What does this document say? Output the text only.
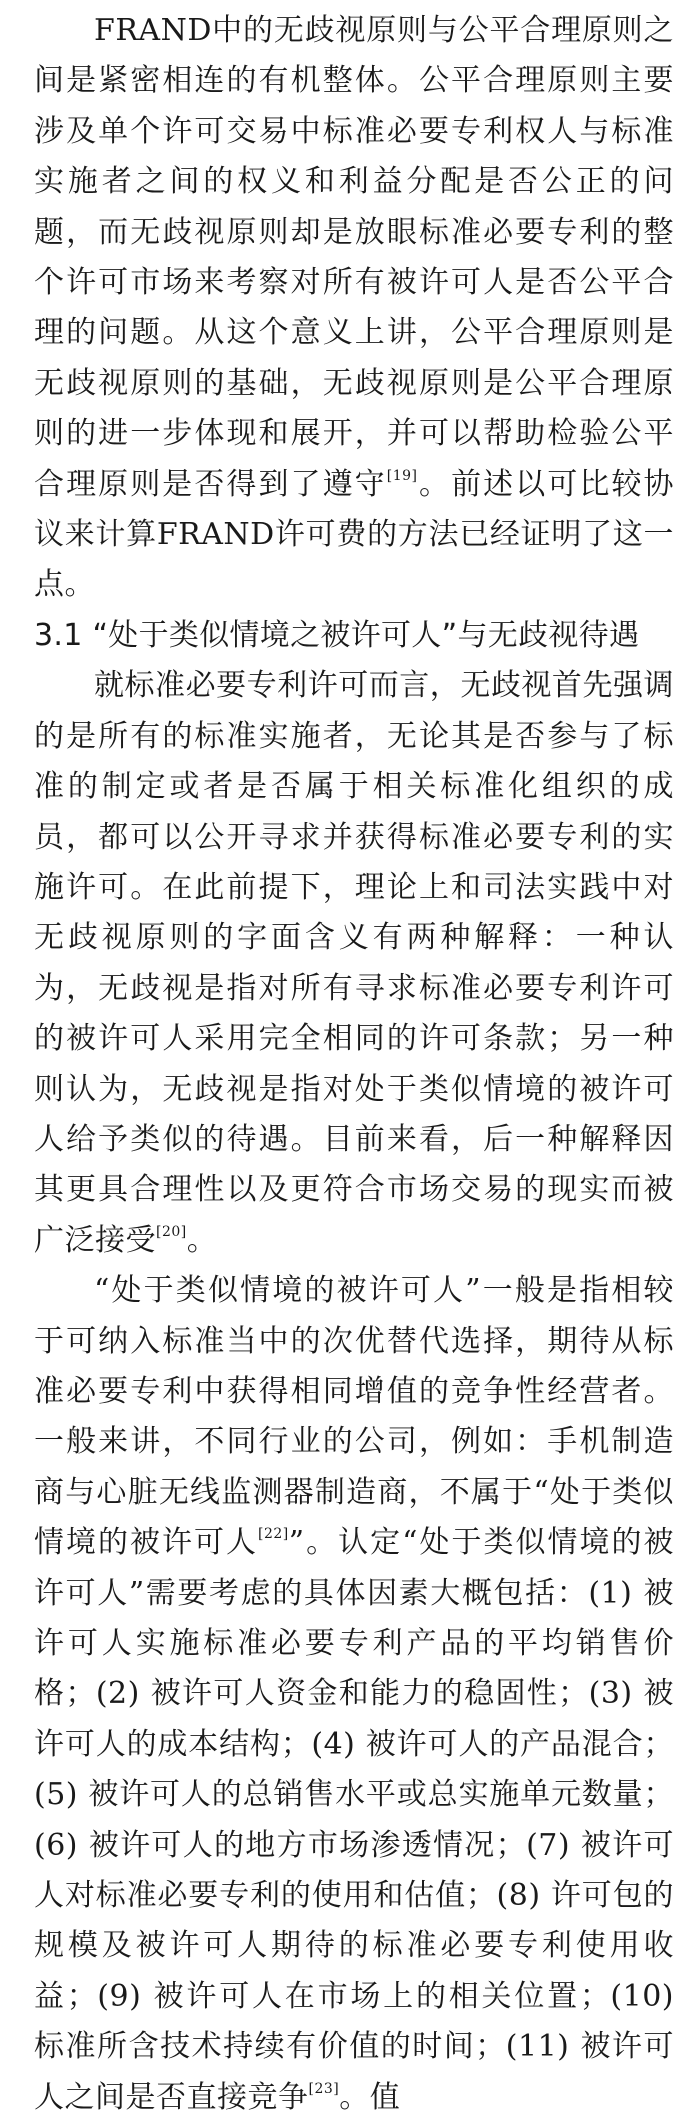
FRAND中的无歧视原则与公平合理原则之间是紧密相连的有机整体。公平合理原则主要涉及单个许可交易中标准必要专利权人与标准实施者之间的权义和利益分配是否公正的问题，而无歧视原则却是放眼标准必要专利的整个许可市场来考察对所有被许可人是否公平合理的问题。从这个意义上讲，公平合理原则是无歧视原则的基础，无歧视原则是公平合理原则的进一步体现和展开，并可以帮助检验公平合理原则是否得到了遵守[19]。前述以可比较协议来计算FRAND许可费的方法已经证明了这一点。

3.1 “处于类似情境之被许可人”与无歧视待遇

就标准必要专利许可而言，无歧视首先强调的是所有的标准实施者，无论其是否参与了标准的制定或者是否属于相关标准化组织的成员，都可以公开寻求并获得标准必要专利的实施许可。在此前提下，理论上和司法实践中对无歧视原则的字面含义有两种解释：一种认为，无歧视是指对所有寻求标准必要专利许可的被许可人采用完全相同的许可条款；另一种则认为，无歧视是指对处于类似情境的被许可人给予类似的待遇。目前来看，后一种解释因其更具合理性以及更符合市场交易的现实而被广泛接受[20]。

“处于类似情境的被许可人”一般是指相较于可纳入标准当中的次优替代选择，期待从标准必要专利中获得相同增值的竞争性经营者。一般来讲，不同行业的公司，例如：手机制造商与心脏无线监测器制造商，不属于“处于类似情境的被许可人[22]”。认定“处于类似情境的被许可人”需要考虑的具体因素大概包括：(1) 被许可人实施标准必要专利产品的平均销售价格；(2) 被许可人资金和能力的稳固性；(3) 被许可人的成本结构；(4) 被许可人的产品混合；(5) 被许可人的总销售水平或总实施单元数量；(6) 被许可人的地方市场渗透情况；(7) 被许可人对标准必要专利的使用和估值；(8) 许可包的规模及被许可人期待的标准必要专利使用收益；(9) 被许可人在市场上的相关位置；(10) 标准所含技术持续有价值的时间；(11) 被许可人之间是否直接竞争[23]。值
